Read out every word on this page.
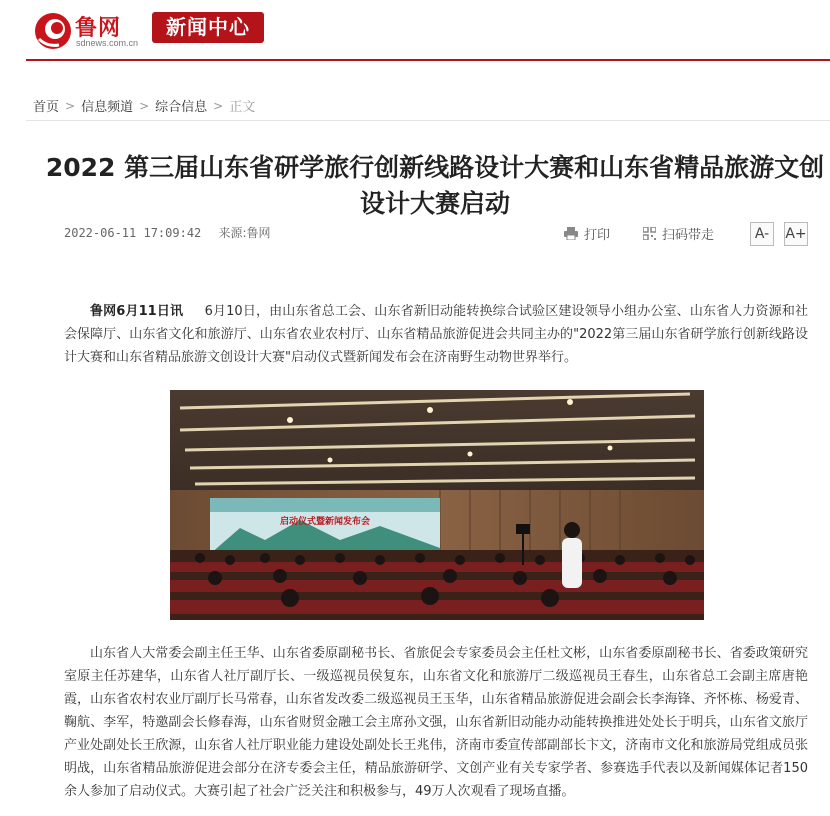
鲁网
sdnews.com.cn
新闻中心
首页 > 信息频道 > 综合信息 > 正文
2022 第三届山东省研学旅行创新线路设计大赛和山东省精品旅游文创设计大赛启动
2022-06-11 17:09:42 来源:鲁网	打印	扫码带走	A-	A+

鲁网6月11日讯 6月10日，由山东省总工会、山东省新旧动能转换综合试验区建设领导小组办公室、山东省人力资源和社会保障厅、山东省文化和旅游厅、山东省农业农村厅、山东省精品旅游促进会共同主办的"2022第三届山东省研学旅行创新线路设计大赛和山东省精品旅游文创设计大赛"启动仪式暨新闻发布会在济南野生动物世界举行。

启动仪式暨新闻发布会

山东省人大常委会副主任王华、山东省委原副秘书长、省旅促会专家委员会主任杜文彬，山东省委原副秘书长、省委政策研究室原主任苏建华，山东省人社厅副厅长、一级巡视员侯复东，山东省文化和旅游厅二级巡视员王春生，山东省总工会副主席唐艳霞，山东省农村农业厅副厅长马常春，山东省发改委二级巡视员王玉华，山东省精品旅游促进会副会长李海锋、齐怀栋、杨爱青、鞠航、李军，特邀副会长修春海，山东省财贸金融工会主席孙文强，山东省新旧动能办动能转换推进处处长于明兵，山东省文旅厅产业处副处长王欣源，山东省人社厅职业能力建设处副处长王兆伟，济南市委宣传部副部长卞文，济南市文化和旅游局党组成员张明战，山东省精品旅游促进会部分在济专委会主任，精品旅游研学、文创产业有关专家学者、参赛选手代表以及新闻媒体记者150余人参加了启动仪式。大赛引起了社会广泛关注和积极参与，49万人次观看了现场直播。
